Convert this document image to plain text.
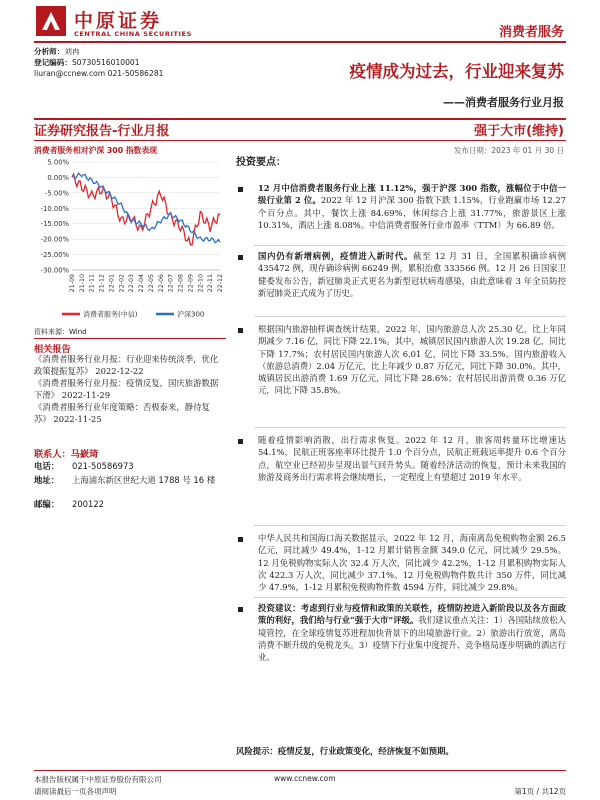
中原证券
CENTRAL CHINA SECURITIES	消费者服务
分析师：刘冉
登记编码：S0730516010001
liuran@ccnew.com 021-50586281	疫情成为过去，行业迎来复苏
——消费者服务行业月报
证券研究报告-行业月报	强于大市(维持)
消费者服务相对沪深 300 指数表现
5.00%
0.00%
-5.00%
-10.00%
-15.00%
-20.00%
-25.00%
-30.00%
21-09 21-10 21-11 21-12 22-01 22-02 22-03 22-04 22-05 22-06 22-07 22-08 22-09 22-10 22-11 22-12
消费者服务(中信)	沪深300
资料来源：Wind
相关报告
《消费者服务行业月报：行业迎来传统淡季，优化政策提振复苏》 2022-12-22
《消费者服务行业月报：疫情反复，国庆旅游数据下滑》 2022-11-29
《消费者服务行业年度策略：否极泰来，静待复苏》 2022-11-25
联系人：马嶔琦
电话： 021-50586973
地址： 上海浦东新区世纪大道 1788 号 16 楼
邮编： 200122
发布日期：2023 年 01 月 30 日
投资要点：
12 月中信消费者服务行业上涨 11.12%，强于沪深 300 指数，涨幅位于中信一级行业第 2 位。2022 年 12 月沪深 300 指数下跌 1.15%，行业跑赢市场 12.27 个百分点。其中，餐饮上涨 84.69%，休闲综合上涨 31.77%，旅游景区上涨 10.31%，酒店上涨 8.08%。中信消费者服务行业市盈率（TTM）为 66.89 倍。
国内仍有新增病例，疫情进入新时代。截至 12 月 31 日，全国累积确诊病例 435472 例，现存确诊病例 66249 例，累积治愈 333566 例。12 月 26 日国家卫健委发布公告，新冠肺炎正式更名为新型冠状病毒感染，由此意味着 3 年全员防控新冠肺炎正式成为了历史。
根据国内旅游抽样调查统计结果，2022 年，国内旅游总人次 25.30 亿，比上年同期减少 7.16 亿，同比下降 22.1%。其中，城镇居民国内旅游人次 19.28 亿，同比下降 17.7%；农村居民国内旅游人次 6.01 亿，同比下降 33.5%。国内旅游收入（旅游总消费）2.04 万亿元，比上年减少 0.87 万亿元，同比下降 30.0%。其中，城镇居民出游消费 1.69 万亿元，同比下降 28.6%；农村居民出游消费 0.36 万亿元，同比下降 35.8%。
随着疫情影响消散，出行需求恢复。2022 年 12 月，旅客周转量环比增速达 54.1%，民航正班客座率环比提升 1.0 个百分点，民航正班载运率提升 0.6 个百分点，航空业已经初步呈现出景气回升势头。随着经济活动的恢复，预计未来我国的旅游及商务出行需求将会继续增长，一定程度上有望超过 2019 年水平。
中华人民共和国海口海关数据显示，2022 年 12 月，海南离岛免税购物金额 26.5 亿元，同比减少 49.4%，1-12 月累计销售金额 349.0 亿元，同比减少 29.5%。12 月免税购物实际人次 32.4 万人次，同比减少 42.2%，1-12 月累积购物实际人次 422.3 万人次，同比减少 37.1%。12 月免税购物件数共计 350 万件，同比减少 47.9%，1-12 月累积免税购物件数 4594 万件，同比减少 29.8%。
投资建议：考虑到行业与疫情和政策的关联性，疫情防控进入新阶段以及各方面政策的利好，我们给与行业“强于大市”评级。我们建议重点关注：1）各国陆续放松入境管控，在全球疫情复苏进程加快背景下的出境旅游行业。2）旅游出行放宽，离岛消费不断升级的免税龙头。3）疫情下行业集中度提升、竞争格局逐步明确的酒店行业。
风险提示：疫情反复，行业政策变化，经济恢复不如预期。
本报告版权属于中原证券股份有限公司	www.ccnew.com
请阅读最后一页各项声明	第1页 / 共12页
